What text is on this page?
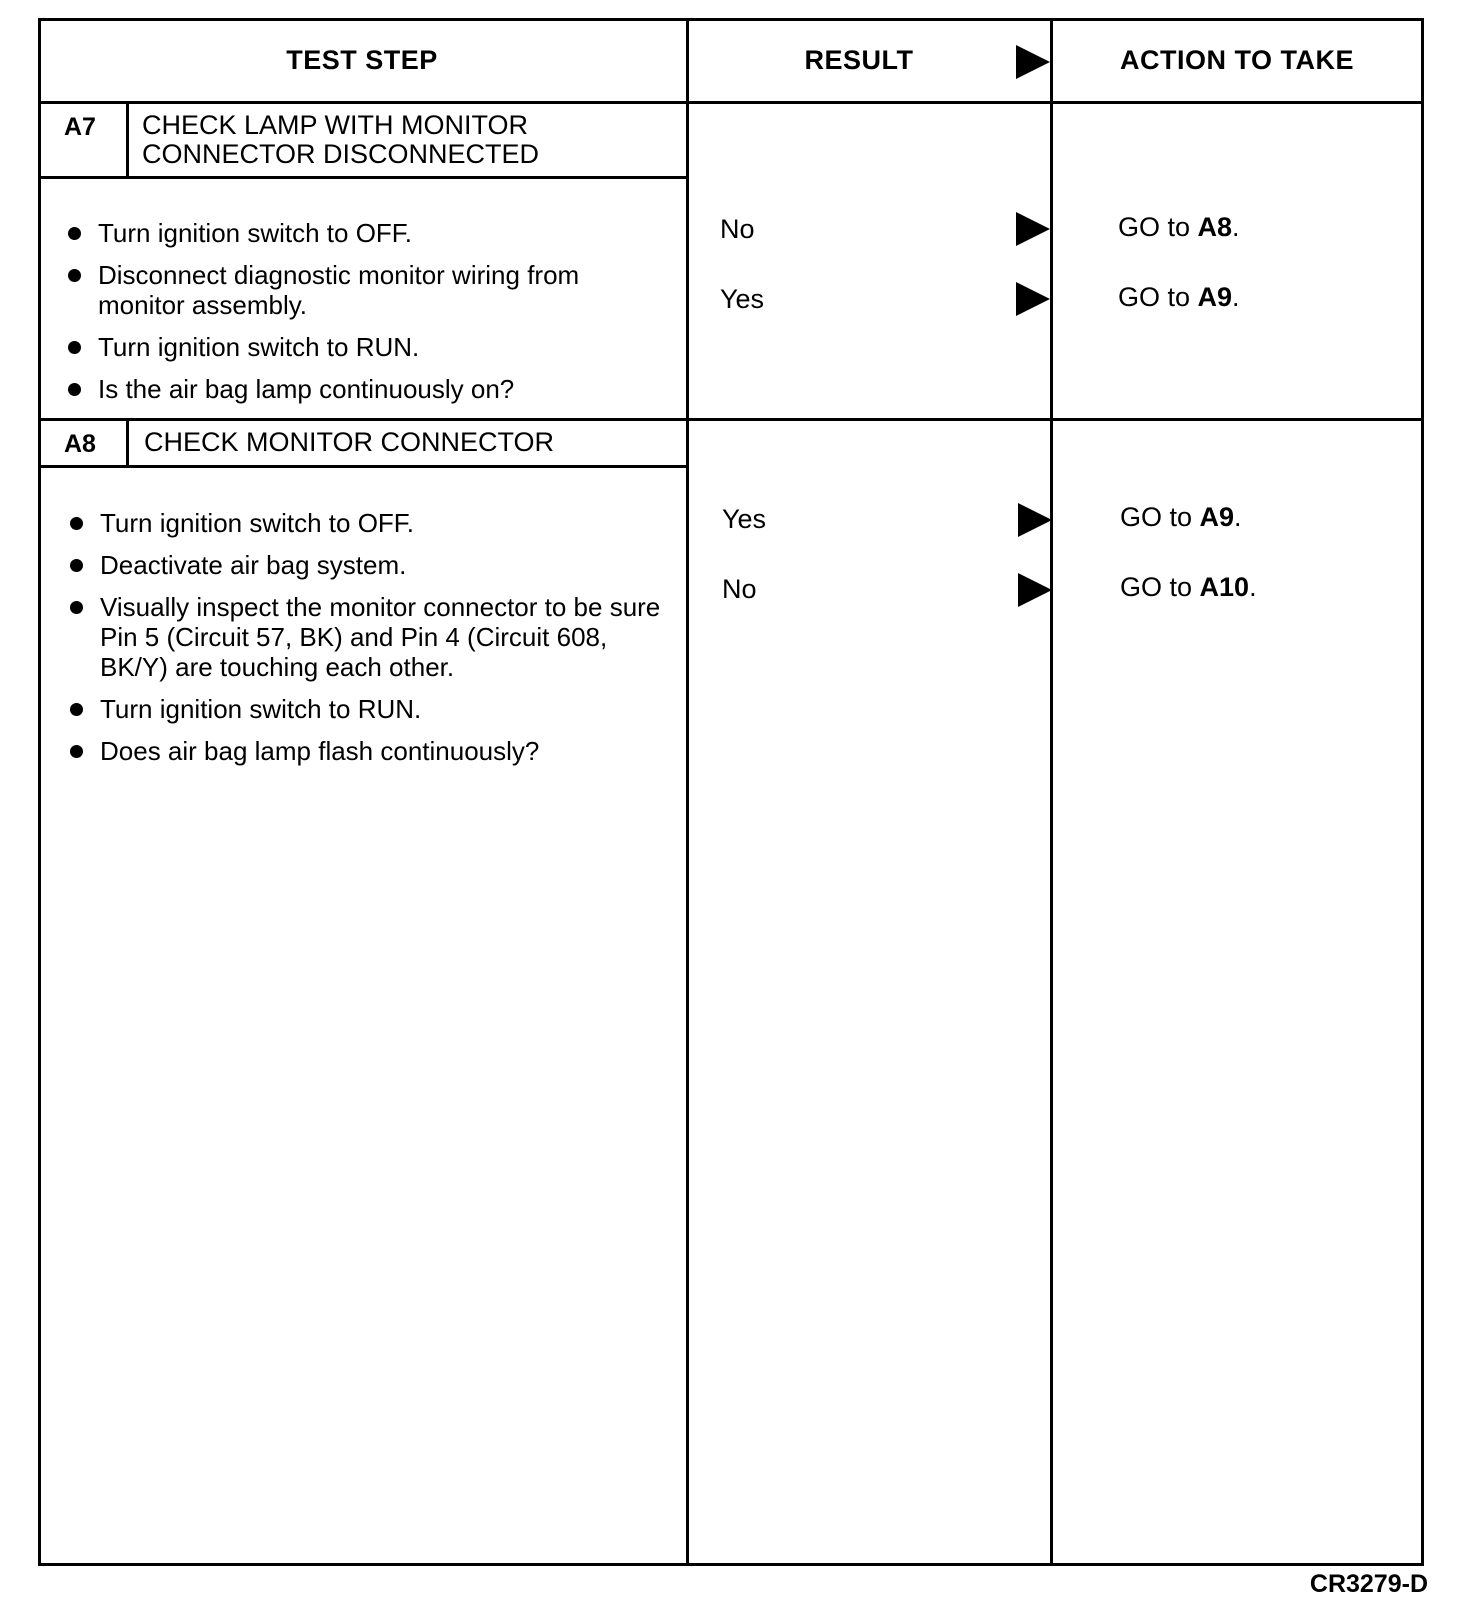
TEST STEP	RESULT	ACTION TO TAKE
A7 CHECK LAMP WITH MONITOR
CONNECTOR DISCONNECTED
Turn ignition switch to OFF.
Disconnect diagnostic monitor wiring from monitor assembly.
Turn ignition switch to RUN.
Is the air bag lamp continuously on?
No	GO to A8.
Yes	GO to A9.
A8 CHECK MONITOR CONNECTOR
Turn ignition switch to OFF.
Deactivate air bag system.
Visually inspect the monitor connector to be sure Pin 5 (Circuit 57, BK) and Pin 4 (Circuit 608, BK/Y) are touching each other.
Turn ignition switch to RUN.
Does air bag lamp flash continuously?
Yes	GO to A9.
No	GO to A10.
CR3279-D
